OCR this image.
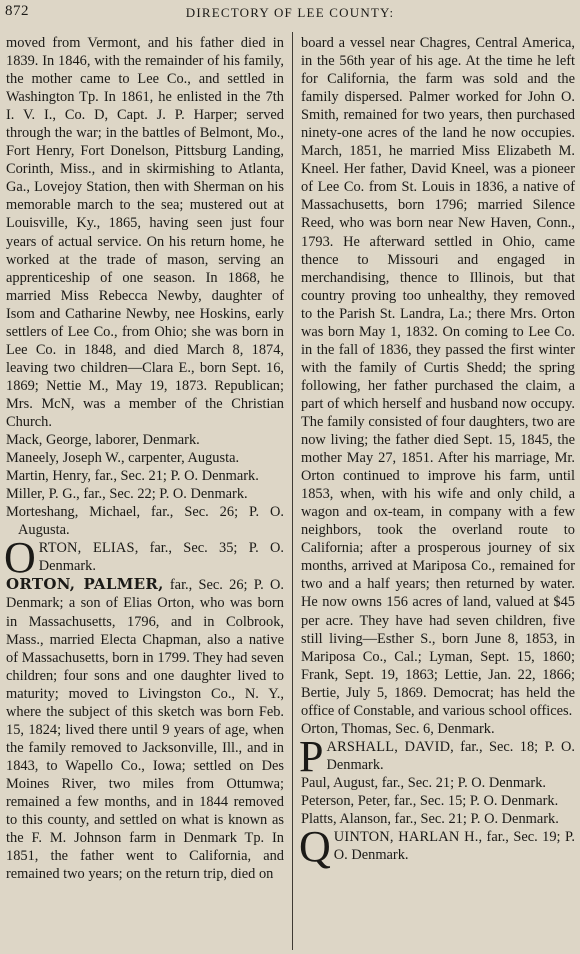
872	DIRECTORY OF LEE COUNTY:

moved from Vermont, and his father died in 1839. In 1846, with the remainder of his family, the mother came to Lee Co., and settled in Washington Tp. In 1861, he enlisted in the 7th I. V. I., Co. D, Capt. J. P. Harper; served through the war; in the battles of Belmont, Mo., Fort Henry, Fort Donelson, Pittsburg Landing, Corinth, Miss., and in skirmishing to Atlanta, Ga., Lovejoy Station, then with Sherman on his memorable march to the sea; mustered out at Louisville, Ky., 1865, having seen just four years of actual service. On his return home, he worked at the trade of mason, serving an apprenticeship of one season. In 1868, he married Miss Rebecca Newby, daughter of Isom and Catharine Newby, nee Hoskins, early settlers of Lee Co., from Ohio; she was born in Lee Co. in 1848, and died March 8, 1874, leaving two children—Clara E., born Sept. 16, 1869; Nettie M., May 19, 1873. Republican; Mrs. McN, was a member of the Christian Church.

Mack, George, laborer, Denmark.

Maneely, Joseph W., carpenter, Augusta.

Martin, Henry, far., Sec. 21; P. O. Denmark.

Miller, P. G., far., Sec. 22; P. O. Denmark.

Morteshang, Michael, far., Sec. 26; P. O. Augusta.

ORTON, ELIAS, far., Sec. 35; P. O. Denmark.

ORTON, PALMER, far., Sec. 26; P. O. Denmark; a son of Elias Orton, who was born in Massachusetts, 1796, and in Colbrook, Mass., married Electa Chapman, also a native of Massachusetts, born in 1799. They had seven children; four sons and one daughter lived to maturity; moved to Livingston Co., N. Y., where the subject of this sketch was born Feb. 15, 1824; lived there until 9 years of age, when the family removed to Jacksonville, Ill., and in 1843, to Wapello Co., Iowa; settled on Des Moines River, two miles from Ottumwa; remained a few months, and in 1844 removed to this county, and settled on what is known as the F. M. Johnson farm in Denmark Tp. In 1851, the father went to California, and remained two years; on the return trip, died on

board a vessel near Chagres, Central America, in the 56th year of his age. At the time he left for California, the farm was sold and the family dispersed. Palmer worked for John O. Smith, remained for two years, then purchased ninety-one acres of the land he now occupies. March, 1851, he married Miss Elizabeth M. Kneel. Her father, David Kneel, was a pioneer of Lee Co. from St. Louis in 1836, a native of Massachusetts, born 1796; married Silence Reed, who was born near New Haven, Conn., 1793. He afterward settled in Ohio, came thence to Missouri and engaged in merchandising, thence to Illinois, but that country proving too unhealthy, they removed to the Parish St. Landra, La.; there Mrs. Orton was born May 1, 1832. On coming to Lee Co. in the fall of 1836, they passed the first winter with the family of Curtis Shedd; the spring following, her father purchased the claim, a part of which herself and husband now occupy. The family consisted of four daughters, two are now living; the father died Sept. 15, 1845, the mother May 27, 1851. After his marriage, Mr. Orton continued to improve his farm, until 1853, when, with his wife and only child, a wagon and ox-team, in company with a few neighbors, took the overland route to California; after a prosperous journey of six months, arrived at Mariposa Co., remained for two and a half years; then returned by water. He now owns 156 acres of land, valued at $45 per acre. They have had seven children, five still living—Esther S., born June 8, 1853, in Mariposa Co., Cal.; Lyman, Sept. 15, 1860; Frank, Sept. 19, 1863; Lettie, Jan. 22, 1866; Bertie, July 5, 1869. Democrat; has held the office of Constable, and various school offices.

Orton, Thomas, Sec. 6, Denmark.

PARSHALL, DAVID, far., Sec. 18; P. O. Denmark.

Paul, August, far., Sec. 21; P. O. Denmark.

Peterson, Peter, far., Sec. 15; P. O. Denmark.

Platts, Alanson, far., Sec. 21; P. O. Denmark.

QUINTON, HARLAN H., far., Sec. 19; P. O. Denmark.
